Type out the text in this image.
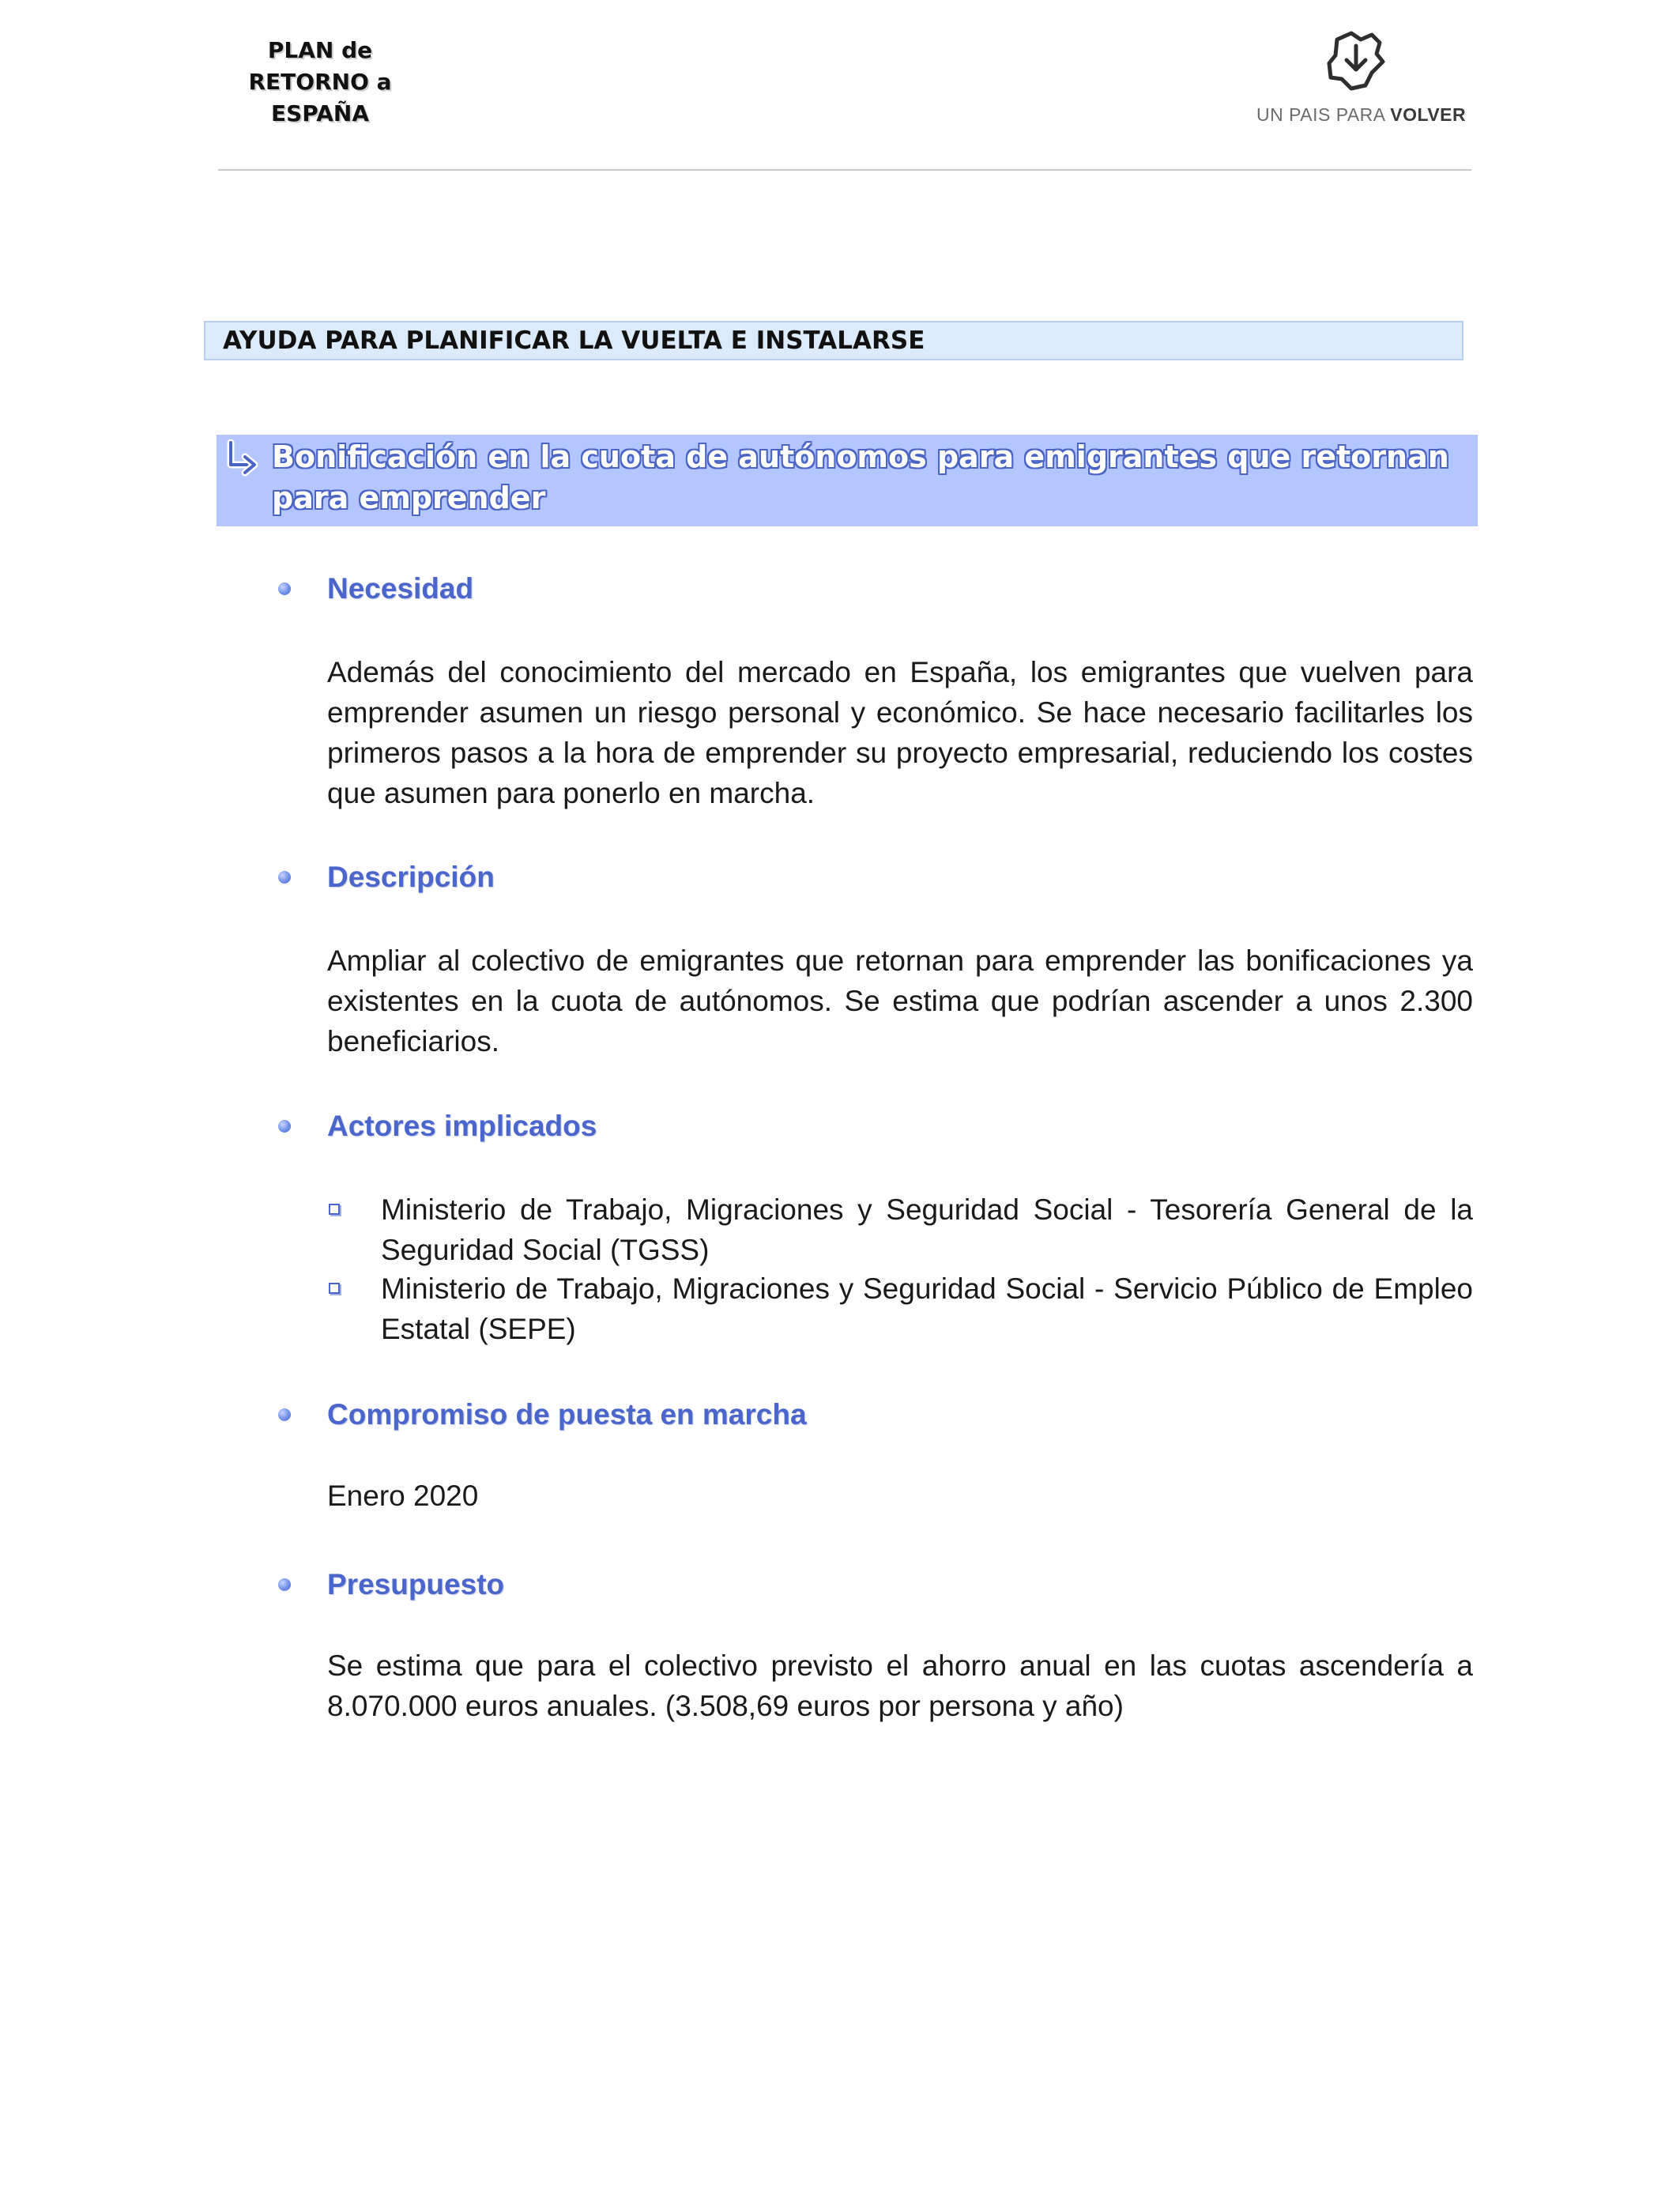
PLAN de
RETORNO a
ESPAÑA	UN PAIS PARA VOLVER
AYUDA PARA PLANIFICAR LA VUELTA E INSTALARSE
Bonificación en la cuota de autónomos para emigrantes que retornan para emprender
Necesidad
Además del conocimiento del mercado en España, los emigrantes que vuelven para emprender asumen un riesgo personal y económico. Se hace necesario facilitarles los primeros pasos a la hora de emprender su proyecto empresarial, reduciendo los costes que asumen para ponerlo en marcha.
Descripción
Ampliar al colectivo de emigrantes que retornan para emprender las bonificaciones ya existentes en la cuota de autónomos. Se estima que podrían ascender a unos 2.300 beneficiarios.
Actores implicados
Ministerio de Trabajo, Migraciones y Seguridad Social - Tesorería General de la Seguridad Social (TGSS)
Ministerio de Trabajo, Migraciones y Seguridad Social - Servicio Público de Empleo Estatal (SEPE)
Compromiso de puesta en marcha
Enero 2020
Presupuesto
Se estima que para el colectivo previsto el ahorro anual en las cuotas ascendería a 8.070.000 euros anuales. (3.508,69 euros por persona y año)
